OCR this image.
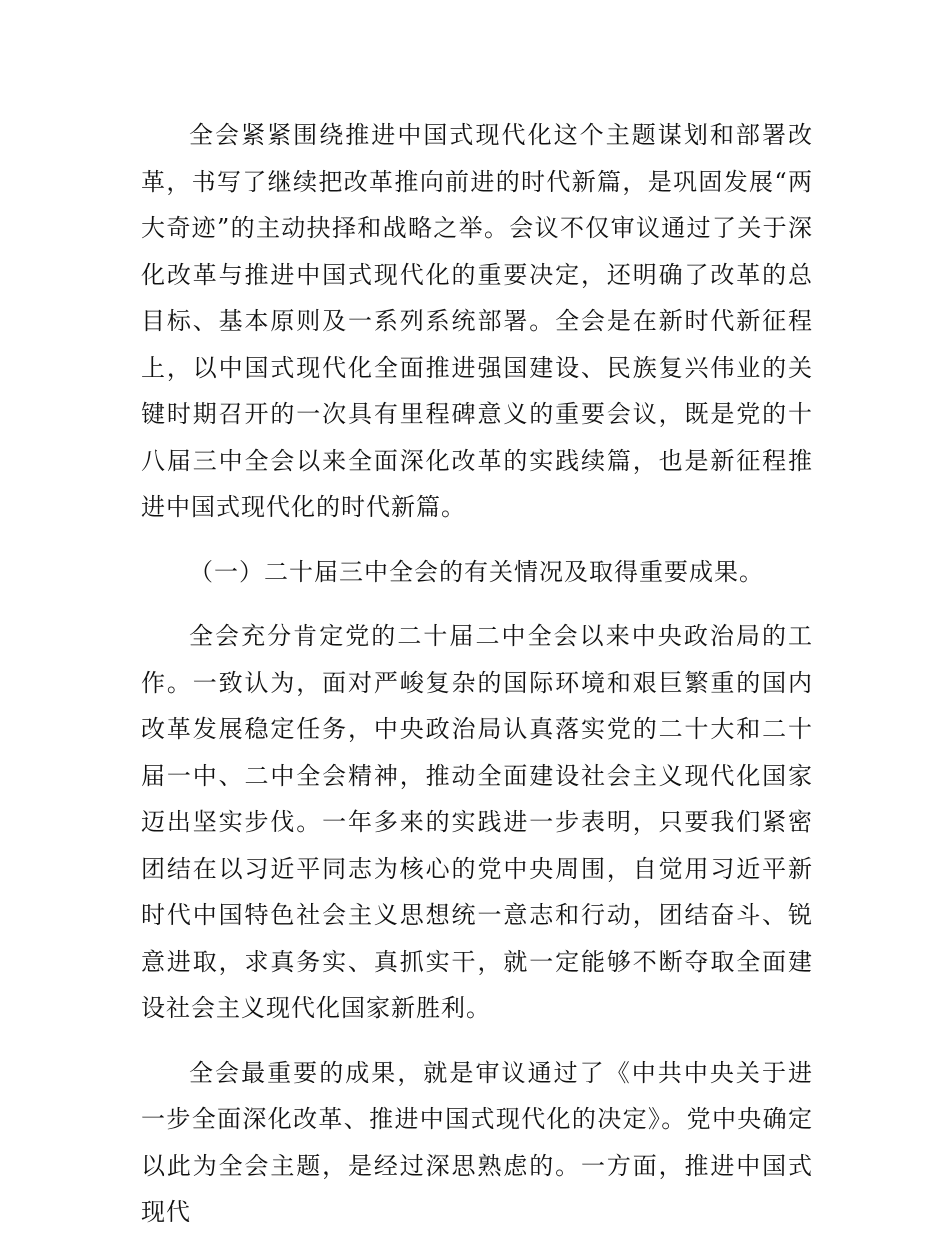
全会紧紧围绕推进中国式现代化这个主题谋划和部署改革，书写了继续把改革推向前进的时代新篇，是巩固发展“两大奇迹”的主动抉择和战略之举。会议不仅审议通过了关于深化改革与推进中国式现代化的重要决定，还明确了改革的总目标、基本原则及一系列系统部署。全会是在新时代新征程上，以中国式现代化全面推进强国建设、民族复兴伟业的关键时期召开的一次具有里程碑意义的重要会议，既是党的十八届三中全会以来全面深化改革的实践续篇，也是新征程推进中国式现代化的时代新篇。

（一）二十届三中全会的有关情况及取得重要成果。

全会充分肯定党的二十届二中全会以来中央政治局的工作。一致认为，面对严峻复杂的国际环境和艰巨繁重的国内改革发展稳定任务，中央政治局认真落实党的二十大和二十届一中、二中全会精神，推动全面建设社会主义现代化国家迈出坚实步伐。一年多来的实践进一步表明，只要我们紧密团结在以习近平同志为核心的党中央周围，自觉用习近平新时代中国特色社会主义思想统一意志和行动，团结奋斗、锐意进取，求真务实、真抓实干，就一定能够不断夺取全面建设社会主义现代化国家新胜利。

全会最重要的成果，就是审议通过了《中共中央关于进一步全面深化改革、推进中国式现代化的决定》。党中央确定以此为全会主题，是经过深思熟虑的。一方面，推进中国式现代
